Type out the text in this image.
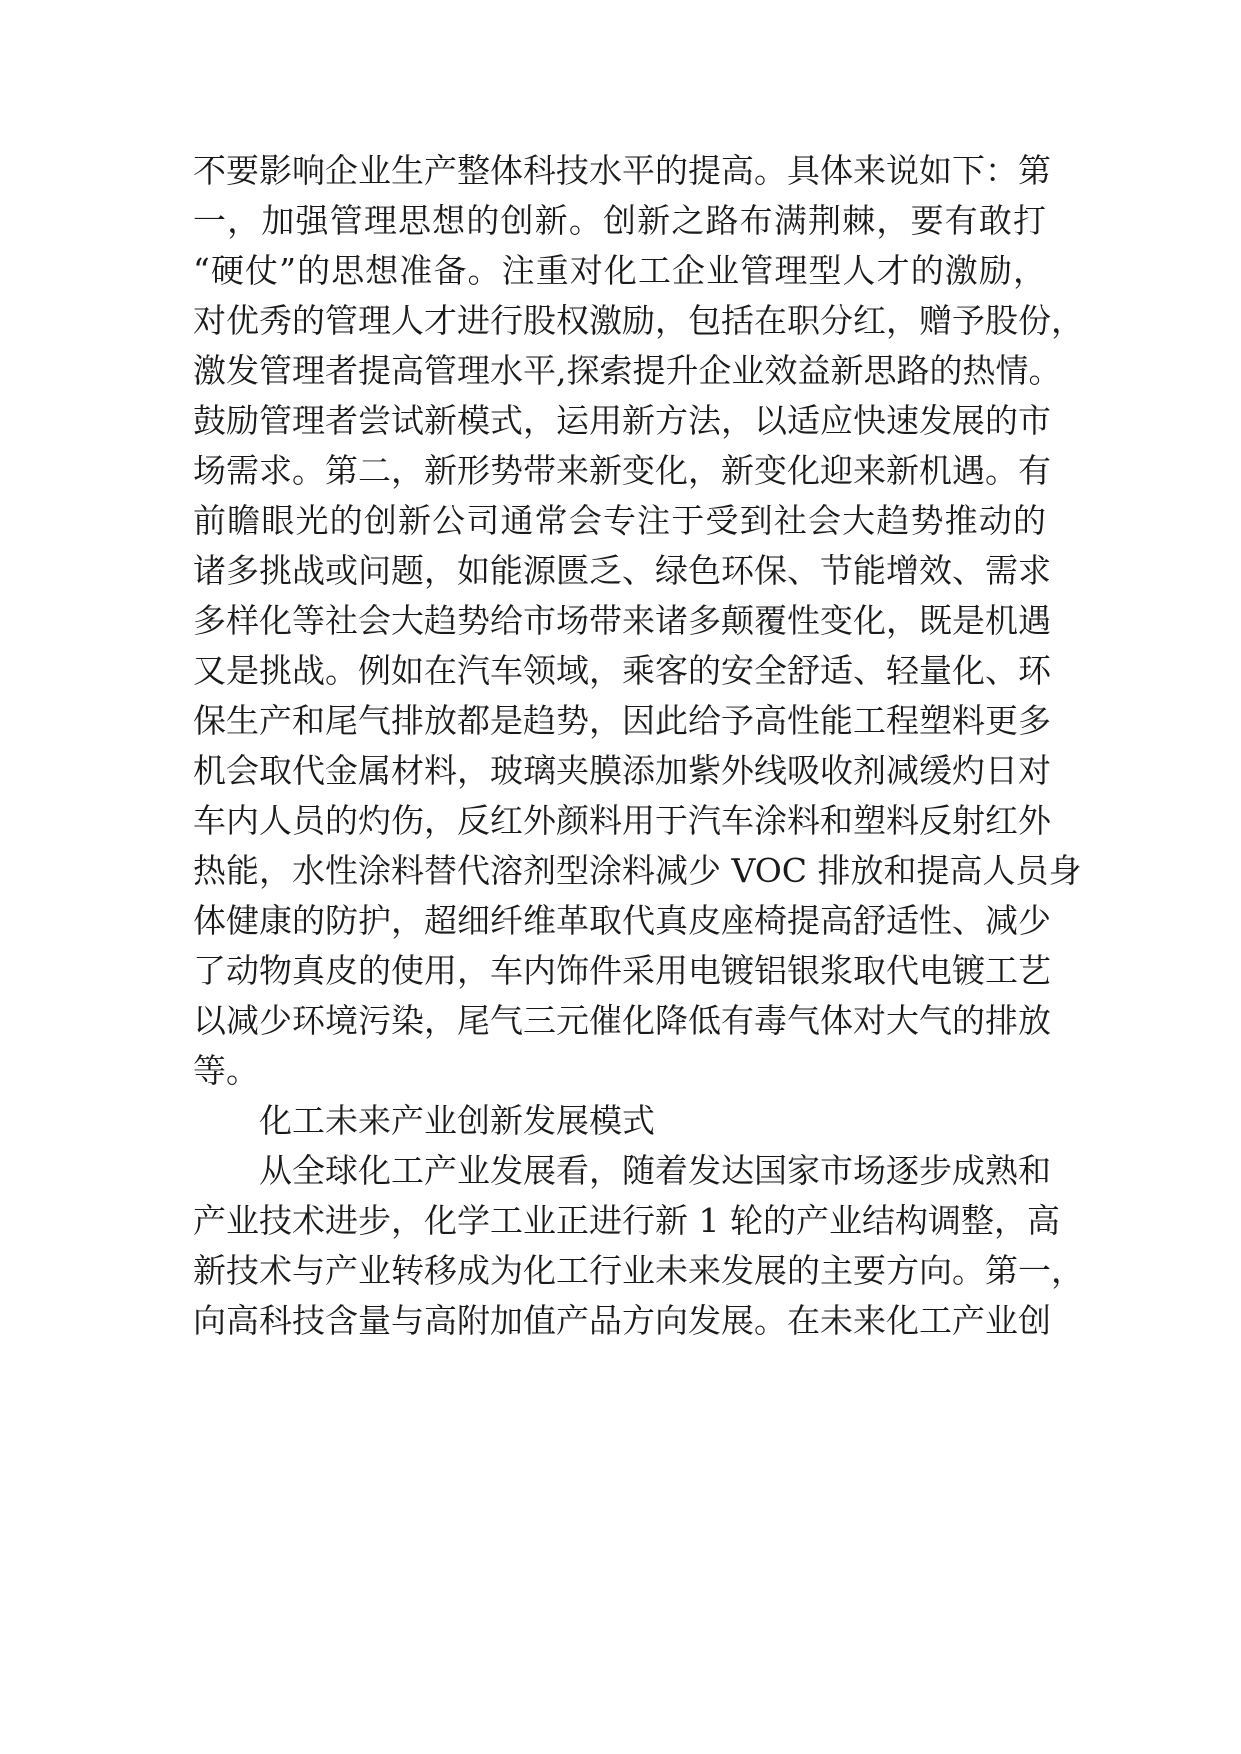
不要影响企业生产整体科技水平的提高。具体来说如下：第
一，加强管理思想的创新。创新之路布满荆棘，要有敢打
“硬仗”的思想准备。注重对化工企业管理型人才的激励，
对优秀的管理人才进行股权激励，包括在职分红，赠予股份，
激发管理者提高管理水平,探索提升企业效益新思路的热情。
鼓励管理者尝试新模式，运用新方法，以适应快速发展的市
场需求。第二，新形势带来新变化，新变化迎来新机遇。有
前瞻眼光的创新公司通常会专注于受到社会大趋势推动的
诸多挑战或问题，如能源匮乏、绿色环保、节能增效、需求
多样化等社会大趋势给市场带来诸多颠覆性变化，既是机遇
又是挑战。例如在汽车领域，乘客的安全舒适、轻量化、环
保生产和尾气排放都是趋势，因此给予高性能工程塑料更多
机会取代金属材料，玻璃夹膜添加紫外线吸收剂减缓灼日对
车内人员的灼伤，反红外颜料用于汽车涂料和塑料反射红外
热能，水性涂料替代溶剂型涂料减少 VOC 排放和提高人员身
体健康的防护，超细纤维革取代真皮座椅提高舒适性、减少
了动物真皮的使用，车内饰件采用电镀铝银浆取代电镀工艺
以减少环境污染，尾气三元催化降低有毒气体对大气的排放
等。
化工未来产业创新发展模式
从全球化工产业发展看，随着发达国家市场逐步成熟和
产业技术进步，化学工业正进行新 1 轮的产业结构调整，高
新技术与产业转移成为化工行业未来发展的主要方向。第一，
向高科技含量与高附加值产品方向发展。在未来化工产业创
